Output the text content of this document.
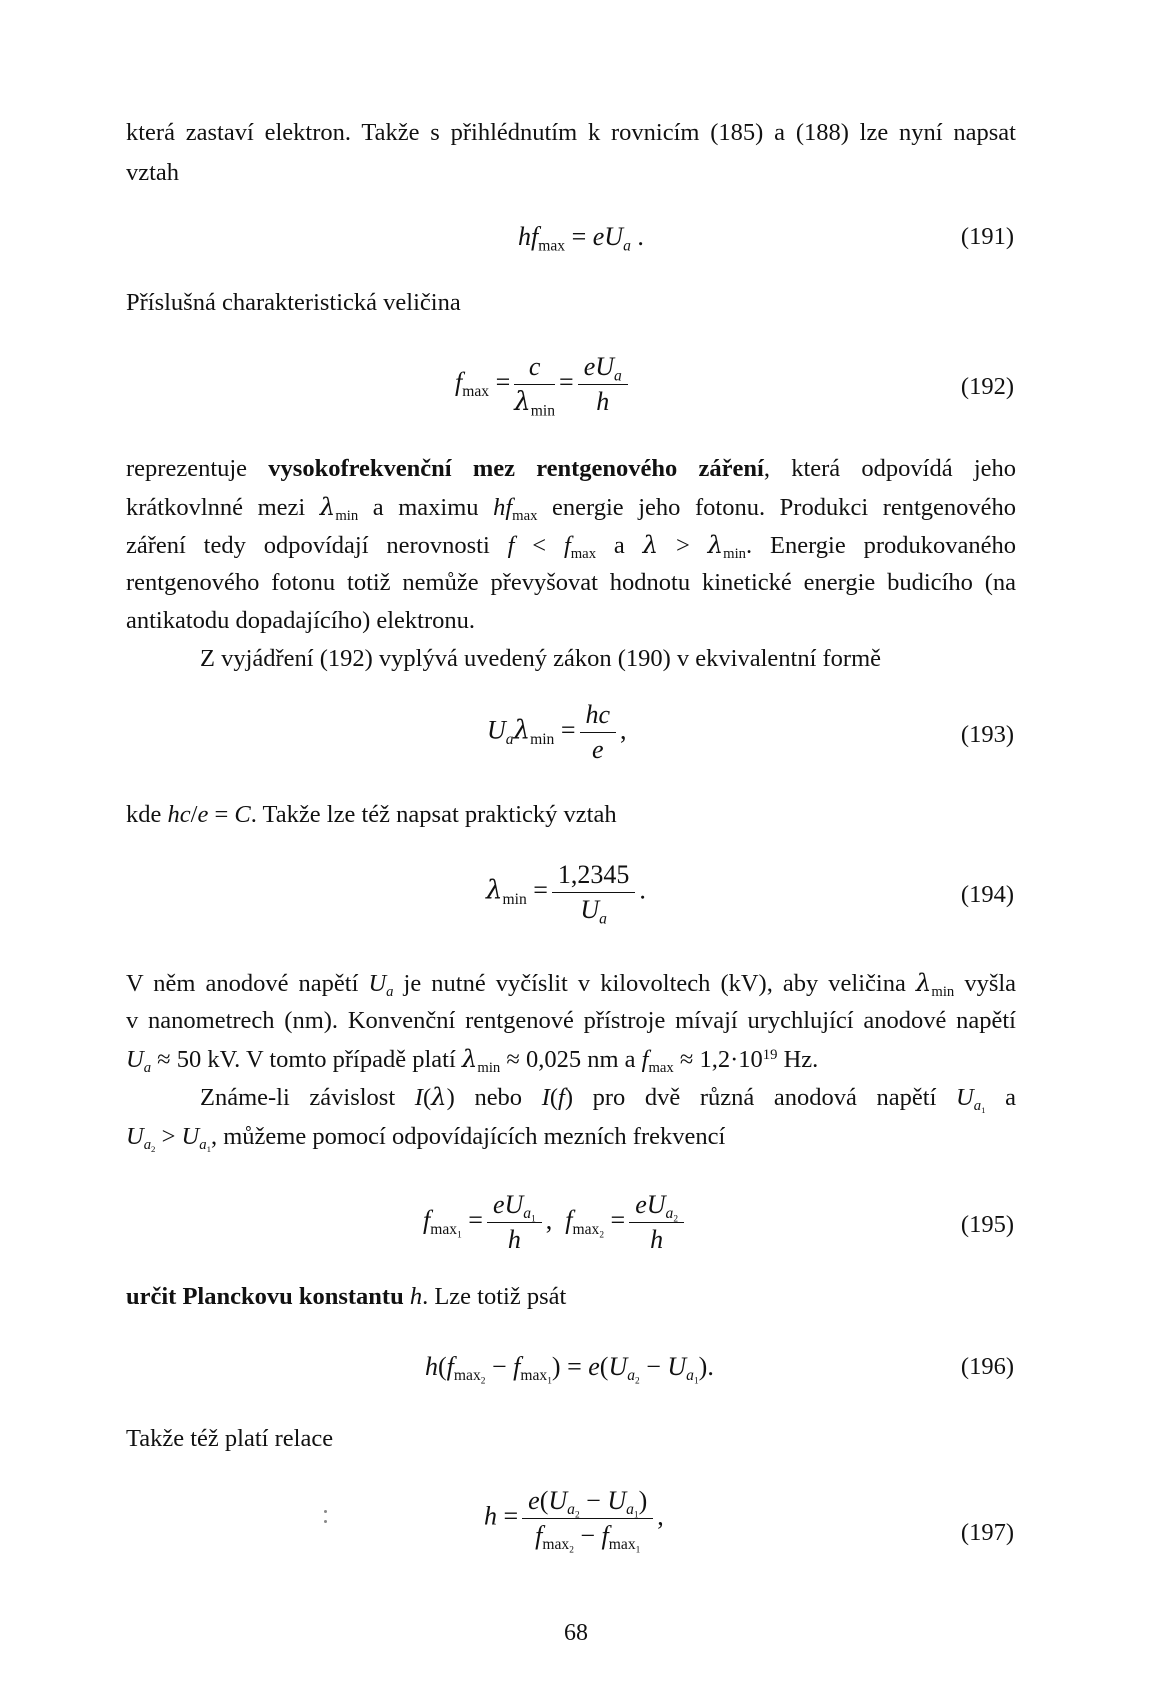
která zastaví elektron. Takže s přihlédnutím k rovnicím (185) a (188) lze nyní napsat
vztah
$hf_{max} = eU_a$ .	(191)
Příslušná charakteristická veličina
$f_{max} = \frac{c}{\lambda_{min}} = \frac{eU_a}{h}$	(192)
reprezentuje vysokofrekvenční mez rentgenového záření, která odpovídá jeho
krátkovlnné mezi $\lambda_{min}$ a maximu $hf_{max}$ energie jeho fotonu. Produkci rentgenového
záření tedy odpovídají nerovnosti $f < f_{max}$ a $\lambda > \lambda_{min}$. Energie produkovaného
rentgenového fotonu totiž nemůže převyšovat hodnotu kinetické energie budicího (na
antikatodu dopadajícího) elektronu.
Z vyjádření (192) vyplývá uvedený zákon (190) v ekvivalentní formě
$U_a\lambda_{min} = \frac{hc}{e}$ ,	(193)
kde hc/e = C. Takže lze též napsat praktický vztah
$\lambda_{min} = \frac{1,2345}{U_a}$ .	(194)
V něm anodové napětí $U_a$ je nutné vyčíslit v kilovoltech (kV), aby veličina $\lambda_{min}$ vyšla
v nanometrech (nm). Konvenční rentgenové přístroje mívají urychlující anodové napětí
$U_a \approx 50$ kV. V tomto případě platí $\lambda_{min} \approx 0,025$ nm a $f_{max} \approx 1,2\cdot 10^{19}$ Hz.
Známe-li závislost I(λ) nebo I(f) pro dvě různá anodová napětí $U_{a_1}$ a
$U_{a_2} > U_{a_1}$, můžeme pomocí odpovídajících mezních frekvencí
$f_{max_1} = \frac{eU_{a_1}}{h}$ ,  $f_{max_2} = \frac{eU_{a_2}}{h}$	(195)
určit Planckovu konstantu h. Lze totiž psát
$h(f_{max_2} - f_{max_1}) = e(U_{a_2} - U_{a_1})$.	(196)
Takže též platí relace
$h = \frac{e(U_{a_2} - U_{a_1})}{f_{max_2} - f_{max_1}}$ ,
(197)
68
